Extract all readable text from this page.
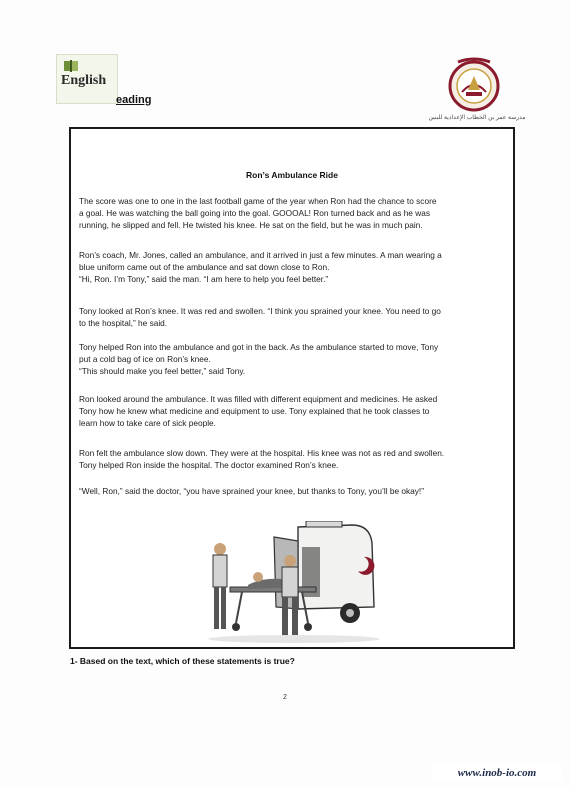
English
eading
مدرسة عمر بن الخطاب الإعدادية للبنين
Ron’s Ambulance Ride
The score was one to one in the last football game of the year when Ron had the chance to score
a goal. He was watching the ball going into the goal. GOOOAL! Ron turned back and as he was
running, he slipped and fell. He twisted his knee. He sat on the field, but he was in much pain.
Ron’s coach, Mr. Jones, called an ambulance, and it arrived in just a few minutes. A man wearing a
blue uniform came out of the ambulance and sat down close to Ron.
“Hi, Ron. I’m Tony,” said the man. “I am here to help you feel better.”
Tony looked at Ron’s knee. It was red and swollen. “I think you sprained your knee. You need to go
to the hospital,” he said.
Tony helped Ron into the ambulance and got in the back. As the ambulance started to move, Tony
put a cold bag of ice on Ron’s knee.
“This should make you feel better,” said Tony.
Ron looked around the ambulance. It was filled with different equipment and medicines. He asked
Tony how he knew what medicine and equipment to use. Tony explained that he took classes to
learn how to take care of sick people.
Ron felt the ambulance slow down. They were at the hospital. His knee was not as red and swollen.
Tony helped Ron inside the hospital. The doctor examined Ron’s knee.
“Well, Ron,” said the doctor, “you have sprained your knee, but thanks to Tony, you’ll be okay!”
1- Based on the text, which of these statements is true?
2
www.inob-io.com
